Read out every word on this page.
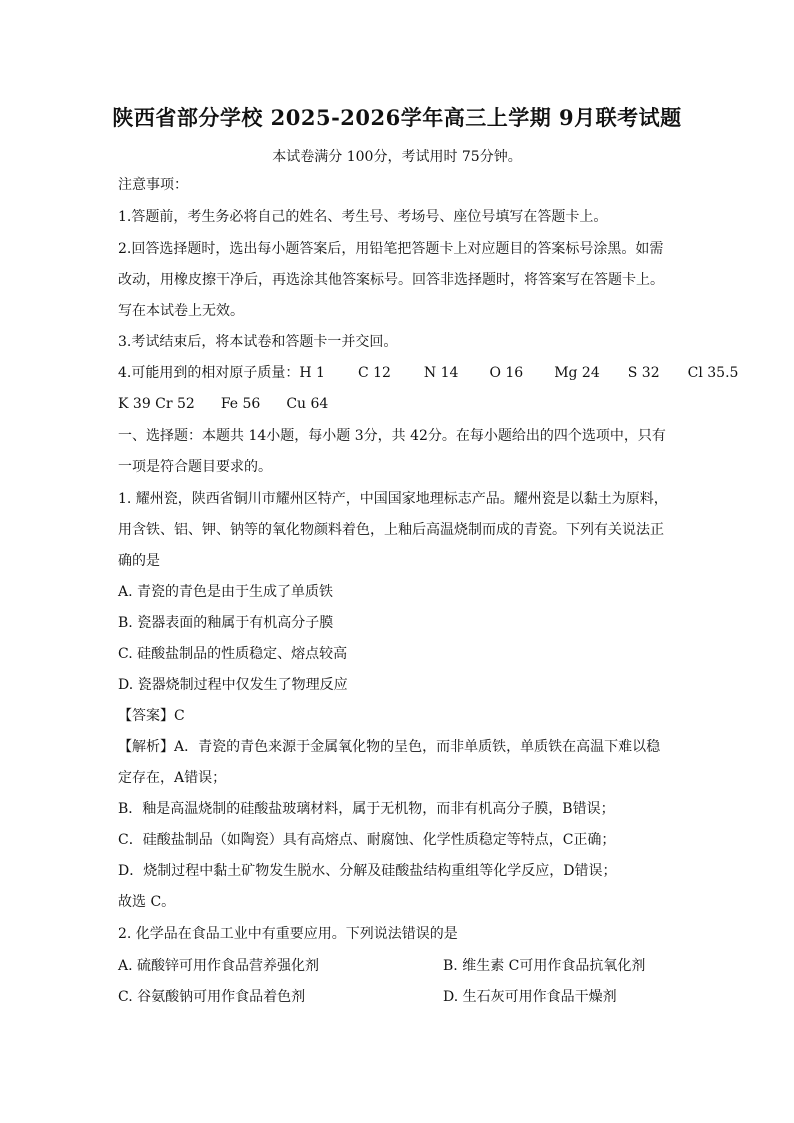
陕西省部分学校 2025-2026学年高三上学期 9月联考试题
本试卷满分 100分，考试用时 75分钟。
注意事项：
1.答题前，考生务必将自己的姓名、考生号、考场号、座位号填写在答题卡上。
2.回答选择题时，选出每小题答案后，用铅笔把答题卡上对应题目的答案标号涂黑。如需
改动，用橡皮擦干净后，再选涂其他答案标号。回答非选择题时，将答案写在答题卡上。
写在本试卷上无效。
3.考试结束后，将本试卷和答题卡一并交回。
4.可能用到的相对原子质量：H 1 C 12 N 14 O 16 Mg 24 S 32 Cl 35.5
K 39 Cr 52 Fe 56 Cu 64
一、选择题：本题共 14小题，每小题 3分，共 42分。在每小题给出的四个选项中，只有
一项是符合题目要求的。
1. 耀州瓷，陕西省铜川市耀州区特产，中国国家地理标志产品。耀州瓷是以黏土为原料，
用含铁、铝、钾、钠等的氧化物颜料着色，上釉后高温烧制而成的青瓷。下列有关说法正
确的是
A. 青瓷的青色是由于生成了单质铁
B. 瓷器表面的釉属于有机高分子膜
C. 硅酸盐制品的性质稳定、熔点较高
D. 瓷器烧制过程中仅发生了物理反应
【答案】C
【解析】A．青瓷的青色来源于金属氧化物的呈色，而非单质铁，单质铁在高温下难以稳
定存在，A错误；
B．釉是高温烧制的硅酸盐玻璃材料，属于无机物，而非有机高分子膜，B错误；
C．硅酸盐制品（如陶瓷）具有高熔点、耐腐蚀、化学性质稳定等特点，C正确；
D．烧制过程中黏土矿物发生脱水、分解及硅酸盐结构重组等化学反应，D错误；
故选 C。
2. 化学品在食品工业中有重要应用。下列说法错误的是
A. 硫酸锌可用作食品营养强化剂	B. 维生素 C可用作食品抗氧化剂
C. 谷氨酸钠可用作食品着色剂	D. 生石灰可用作食品干燥剂
